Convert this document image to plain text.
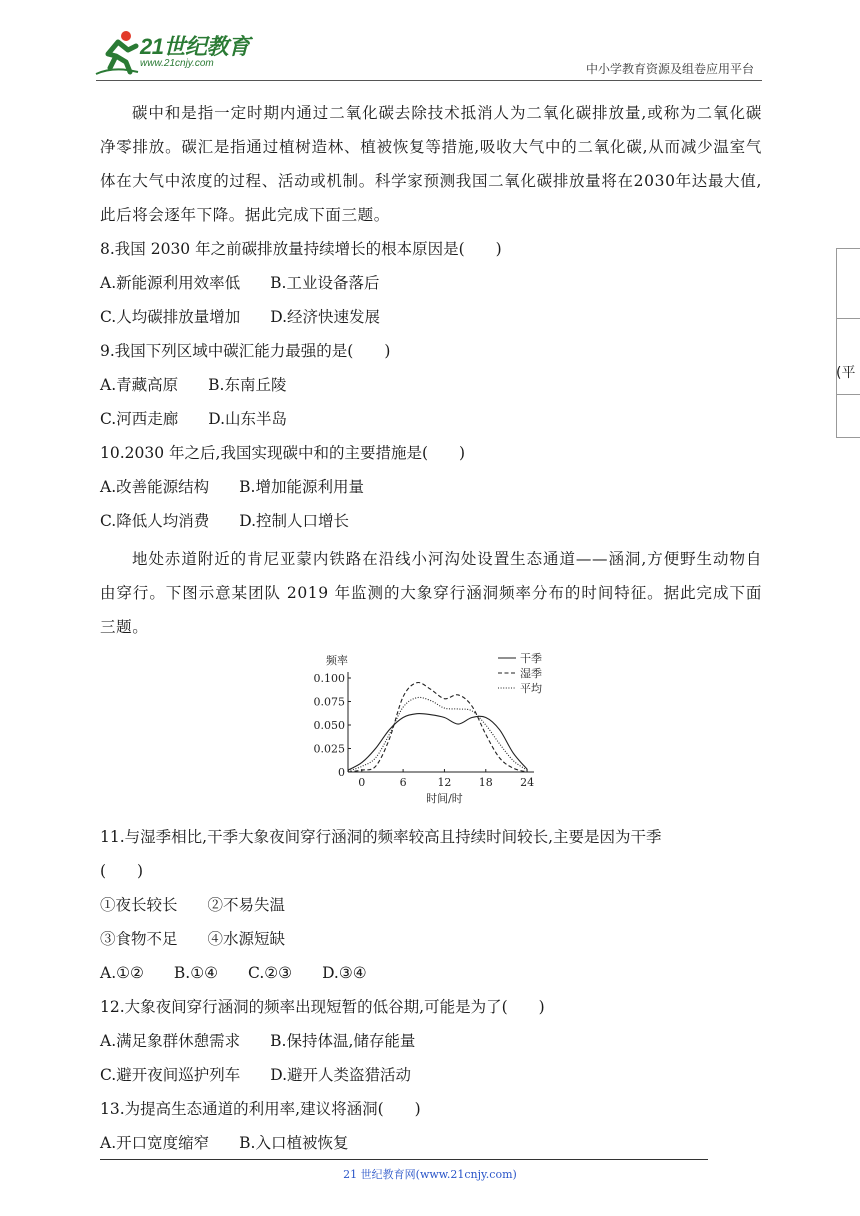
21世纪教育
www.21cnjy.com	中小学教育资源及组卷应用平台

碳中和是指一定时期内通过二氧化碳去除技术抵消人为二氧化碳排放量,或称为二氧化碳净零排放。碳汇是指通过植树造林、植被恢复等措施,吸收大气中的二氧化碳,从而减少温室气体在大气中浓度的过程、活动或机制。科学家预测我国二氧化碳排放量将在2030年达最大值,此后将会逐年下降。据此完成下面三题。

8.我国 2030 年之前碳排放量持续增长的根本原因是(　　)

A.新能源利用效率低 B.工业设备落后

C.人均碳排放量增加 D.经济快速发展

9.我国下列区域中碳汇能力最强的是(　　)

A.青藏高原 B.东南丘陵

C.河西走廊 D.山东半岛

10.2030 年之后,我国实现碳中和的主要措施是(　　)

A.改善能源结构 B.增加能源利用量

C.降低人均消费 D.控制人口增长

地处赤道附近的肯尼亚蒙内铁路在沿线小河沟处设置生态通道——涵洞,方便野生动物自由穿行。下图示意某团队 2019 年监测的大象穿行涵洞频率分布的时间特征。据此完成下面三题。

0
0.025
0.050
0.075
0.100
0	6	12 18 24
频率
时间/时
干季
湿季
平均

11.与湿季相比,干季大象夜间穿行涵洞的频率较高且持续时间较长,主要是因为干季

(　　)

①夜长较长 ②不易失温

③食物不足 ④水源短缺

A.①② B.①④ C.②③ D.③④

12.大象夜间穿行涵洞的频率出现短暂的低谷期,可能是为了(　　)

A.满足象群休憩需求 B.保持体温,储存能量

C.避开夜间巡护列车 D.避开人类盗猎活动

13.为提高生态通道的利用率,建议将涵洞(　　)

A.开口宽度缩窄 B.入口植被恢复

21 世纪教育网(www.21cnjy.com)
(平
